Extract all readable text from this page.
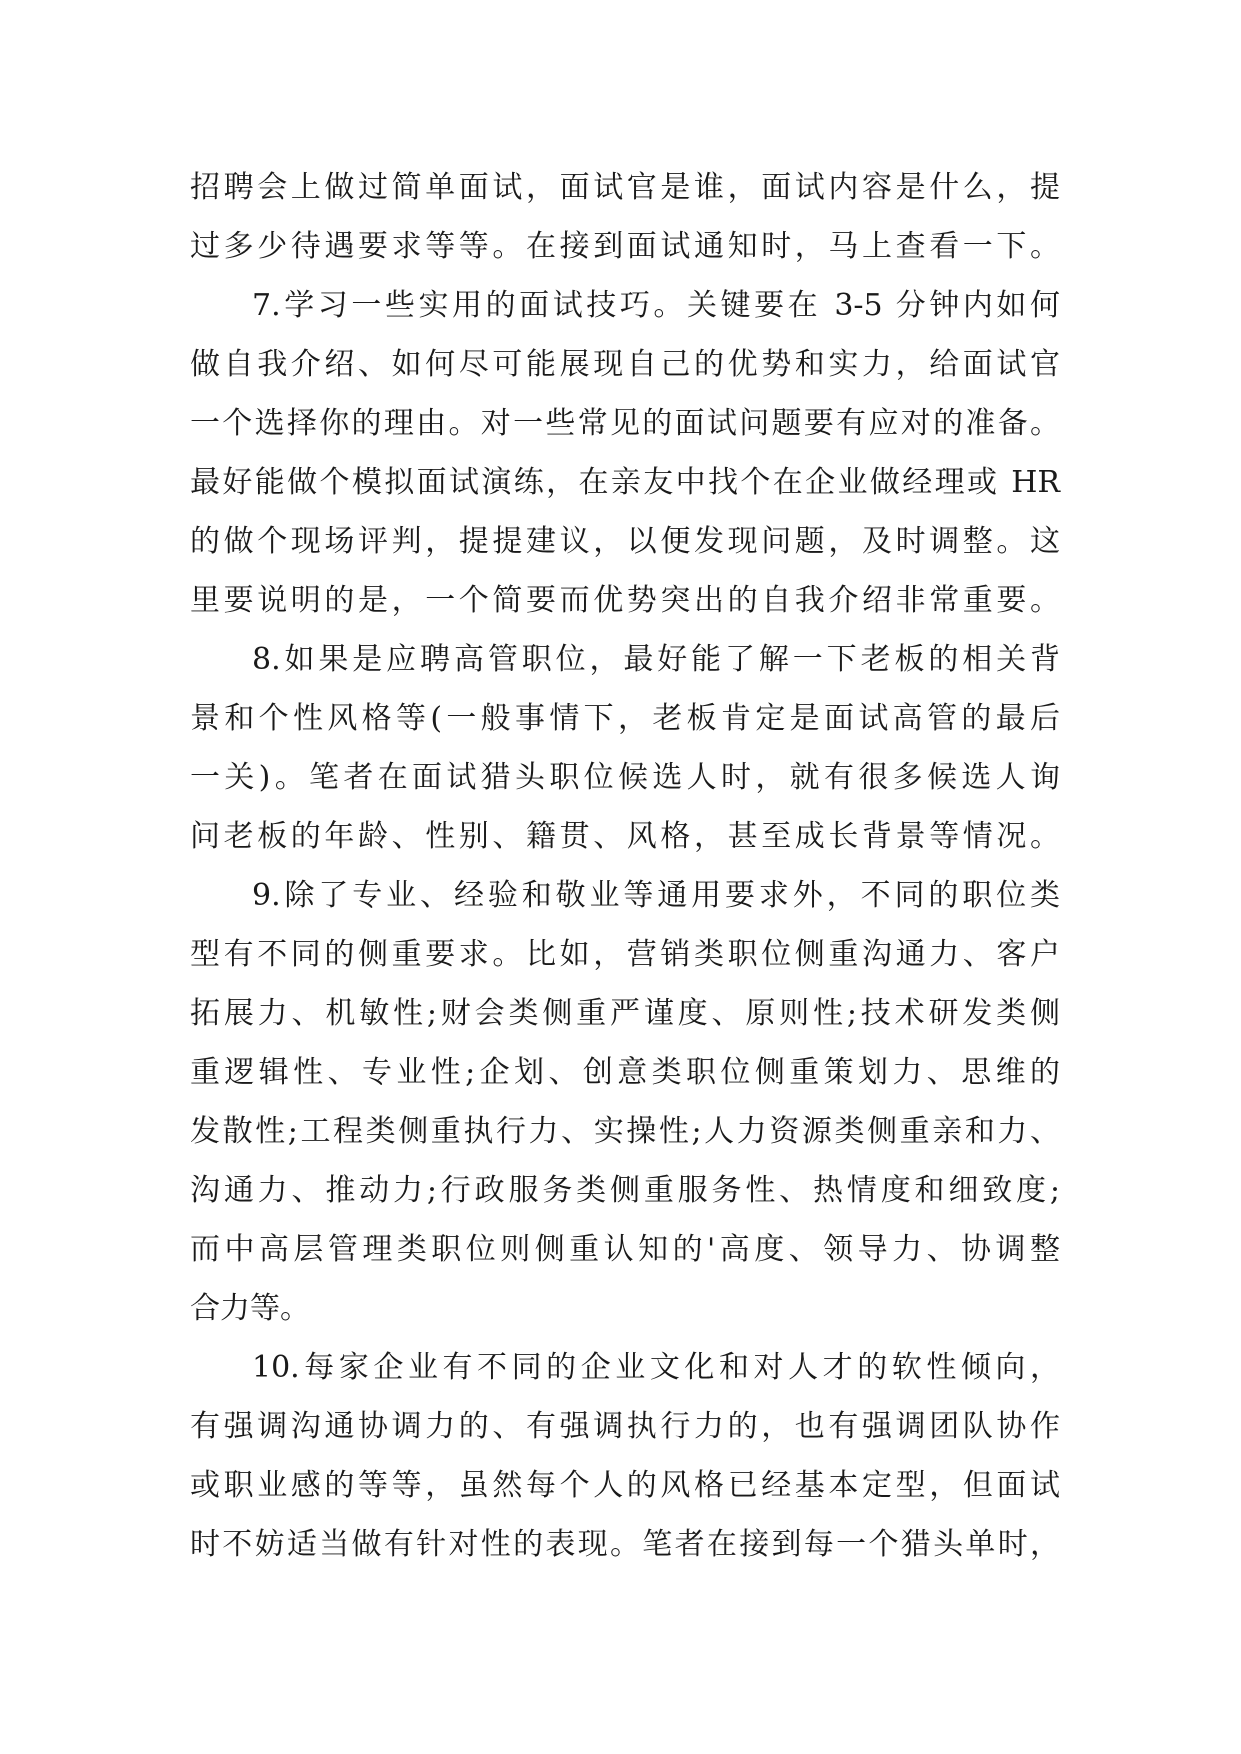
招聘会上做过简单面试，面试官是谁，面试内容是什么，提
过多少待遇要求等等。在接到面试通知时，马上查看一下。
7.学习一些实用的面试技巧。关键要在 3-5 分钟内如何
做自我介绍、如何尽可能展现自己的优势和实力，给面试官
一个选择你的理由。对一些常见的面试问题要有应对的准备。
最好能做个模拟面试演练，在亲友中找个在企业做经理或 HR
的做个现场评判，提提建议，以便发现问题，及时调整。这
里要说明的是，一个简要而优势突出的自我介绍非常重要。
8.如果是应聘高管职位，最好能了解一下老板的相关背
景和个性风格等(一般事情下，老板肯定是面试高管的最后
一关)。笔者在面试猎头职位候选人时，就有很多候选人询
问老板的年龄、性别、籍贯、风格，甚至成长背景等情况。
9.除了专业、经验和敬业等通用要求外，不同的职位类
型有不同的侧重要求。比如，营销类职位侧重沟通力、客户
拓展力、机敏性;财会类侧重严谨度、原则性;技术研发类侧
重逻辑性、专业性;企划、创意类职位侧重策划力、思维的
发散性;工程类侧重执行力、实操性;人力资源类侧重亲和力、
沟通力、推动力;行政服务类侧重服务性、热情度和细致度;
而中高层管理类职位则侧重认知的'高度、领导力、协调整
合力等。
10.每家企业有不同的企业文化和对人才的软性倾向，
有强调沟通协调力的、有强调执行力的，也有强调团队协作
或职业感的等等，虽然每个人的风格已经基本定型，但面试
时不妨适当做有针对性的表现。笔者在接到每一个猎头单时，
